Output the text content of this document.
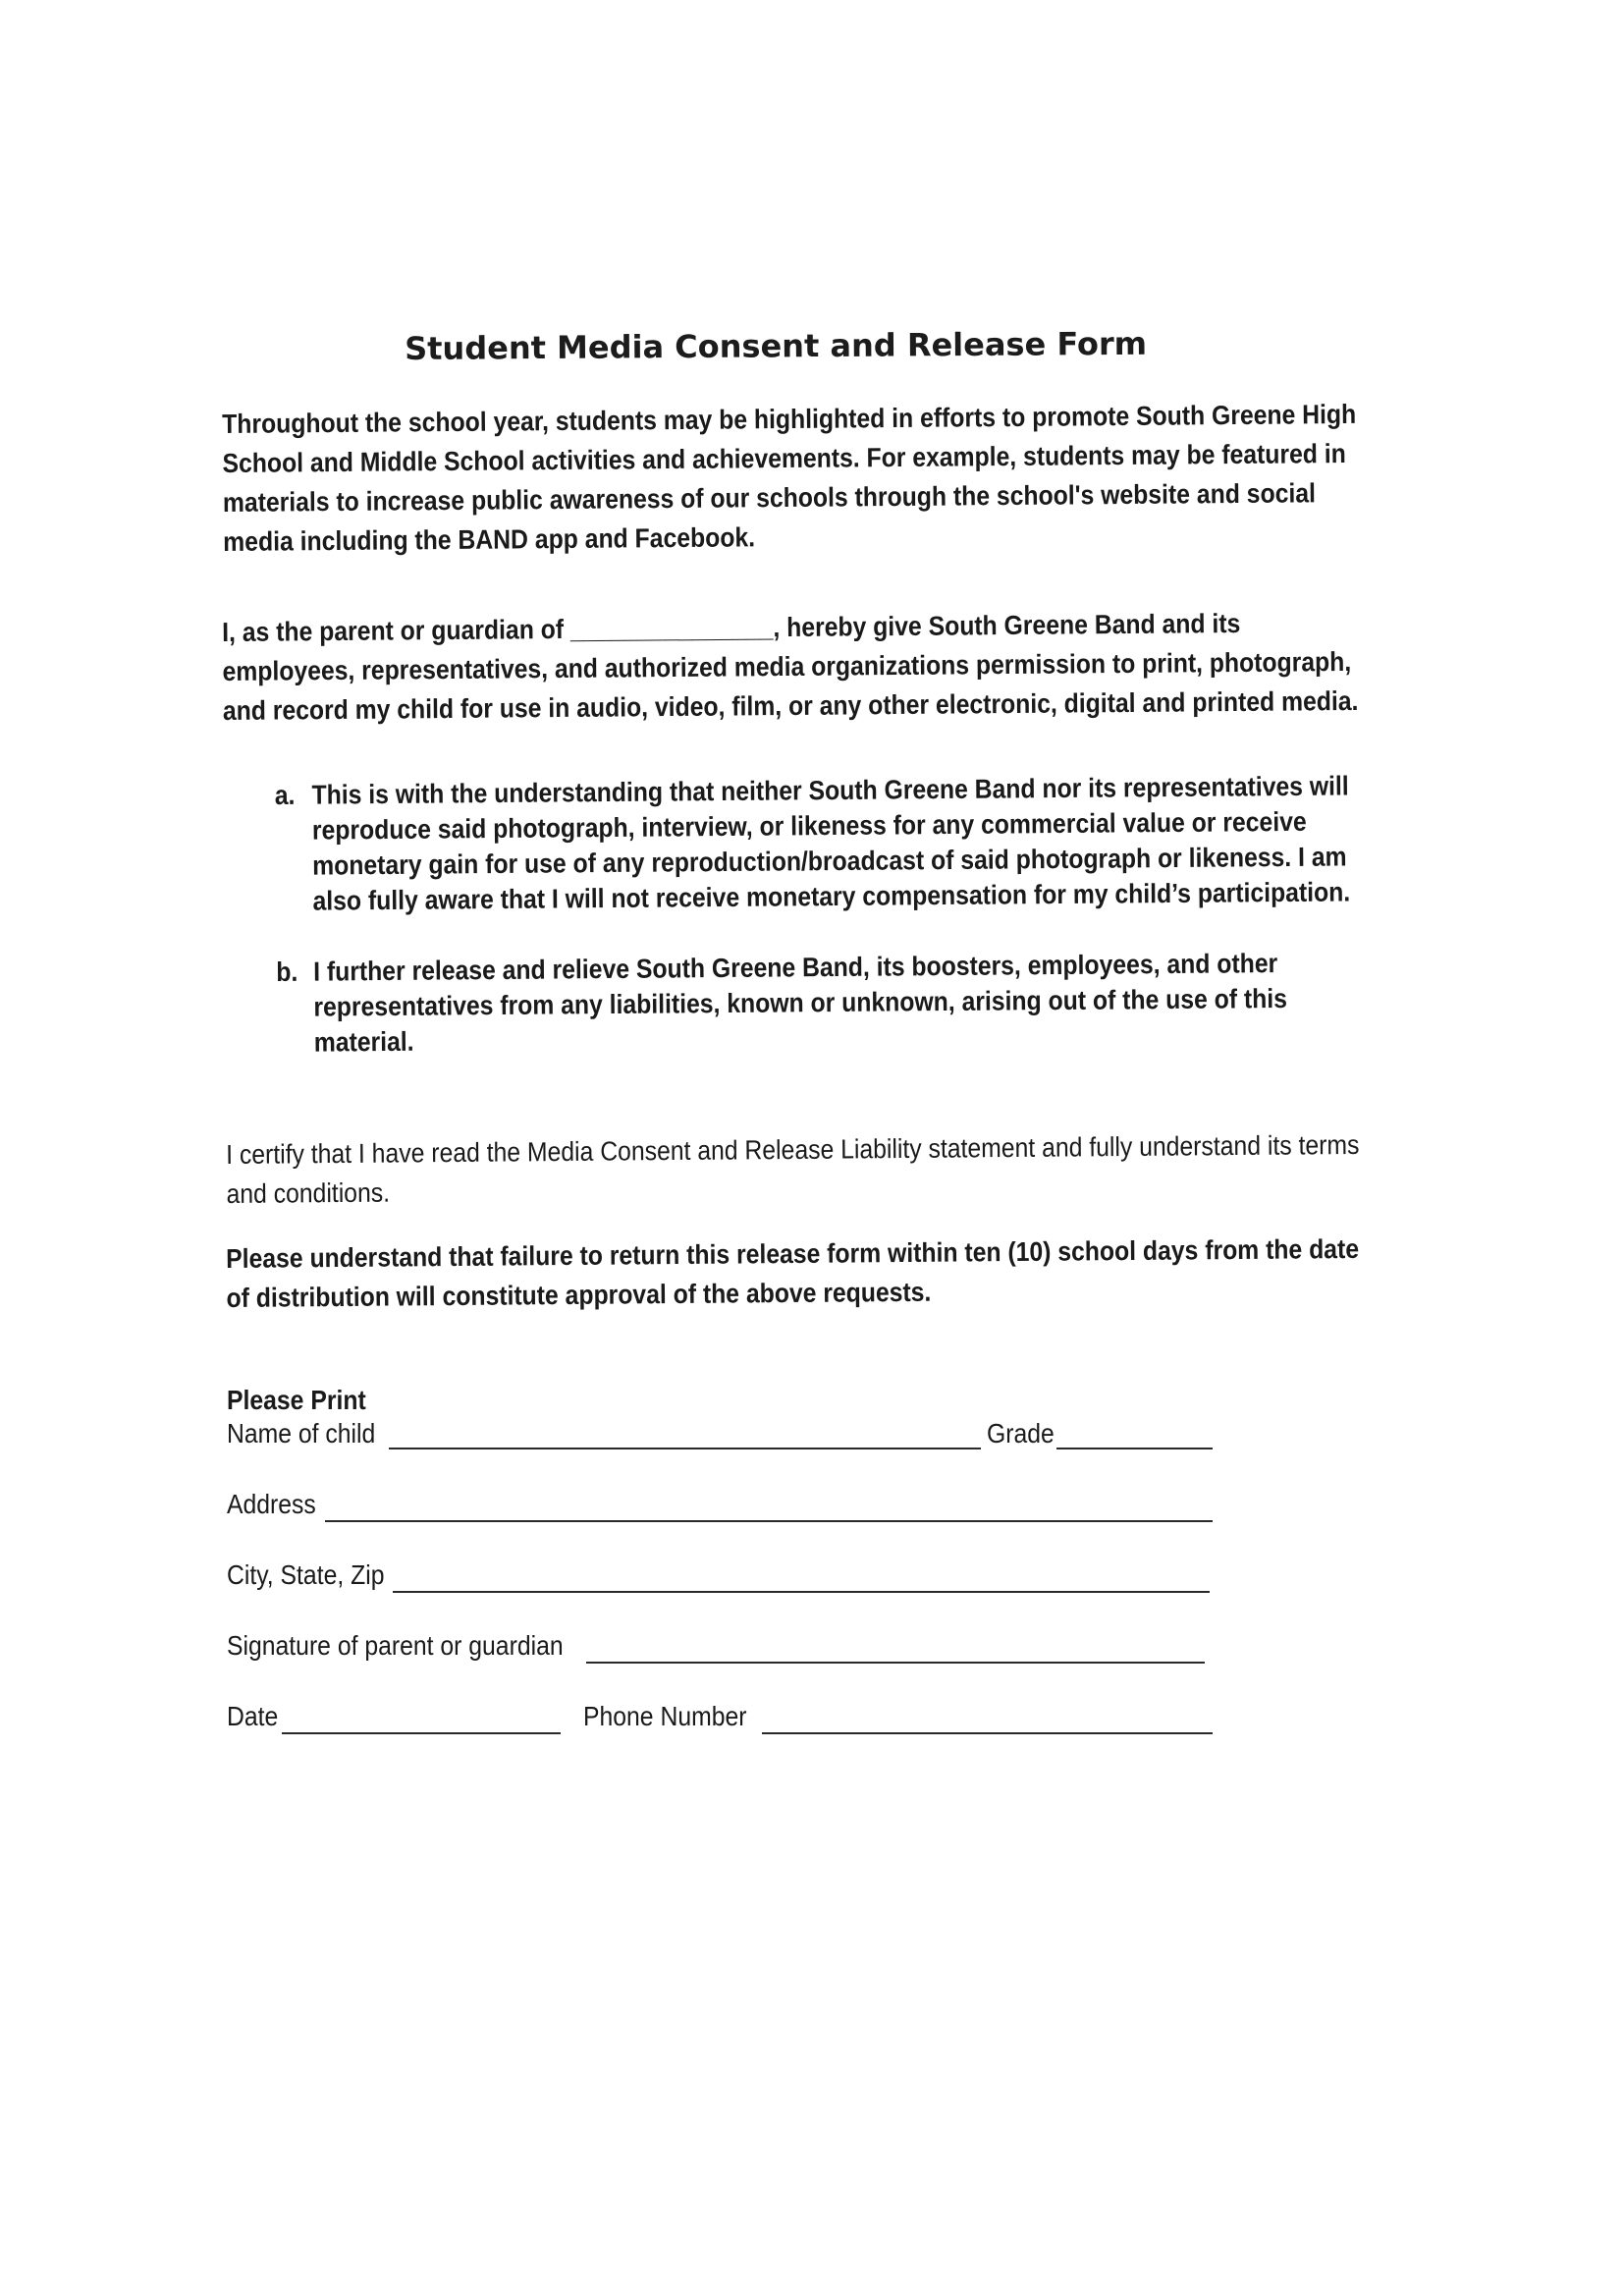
Student Media Consent and Release Form
Throughout the school year, students may be highlighted in efforts to promote South Greene High
School and Middle School activities and achievements. For example, students may be featured in
materials to increase public awareness of our schools through the school's website and social
media including the BAND app and Facebook.
I, as the parent or guardian of _______________, hereby give South Greene Band and its
employees, representatives, and authorized media organizations permission to print, photograph,
and record my child for use in audio, video, film, or any other electronic, digital and printed media.
a. This is with the understanding that neither South Greene Band nor its representatives will
reproduce said photograph, interview, or likeness for any commercial value or receive
monetary gain for use of any reproduction/broadcast of said photograph or likeness. I am
also fully aware that I will not receive monetary compensation for my child’s participation.
b. I further release and relieve South Greene Band, its boosters, employees, and other
representatives from any liabilities, known or unknown, arising out of the use of this
material.
I certify that I have read the Media Consent and Release Liability statement and fully understand its terms
and conditions.
Please understand that failure to return this release form within ten (10) school days from the date
of distribution will constitute approval of the above requests.
Please Print
Name of child	Grade
Address
City, State, Zip
Signature of parent or guardian
Date	Phone Number
